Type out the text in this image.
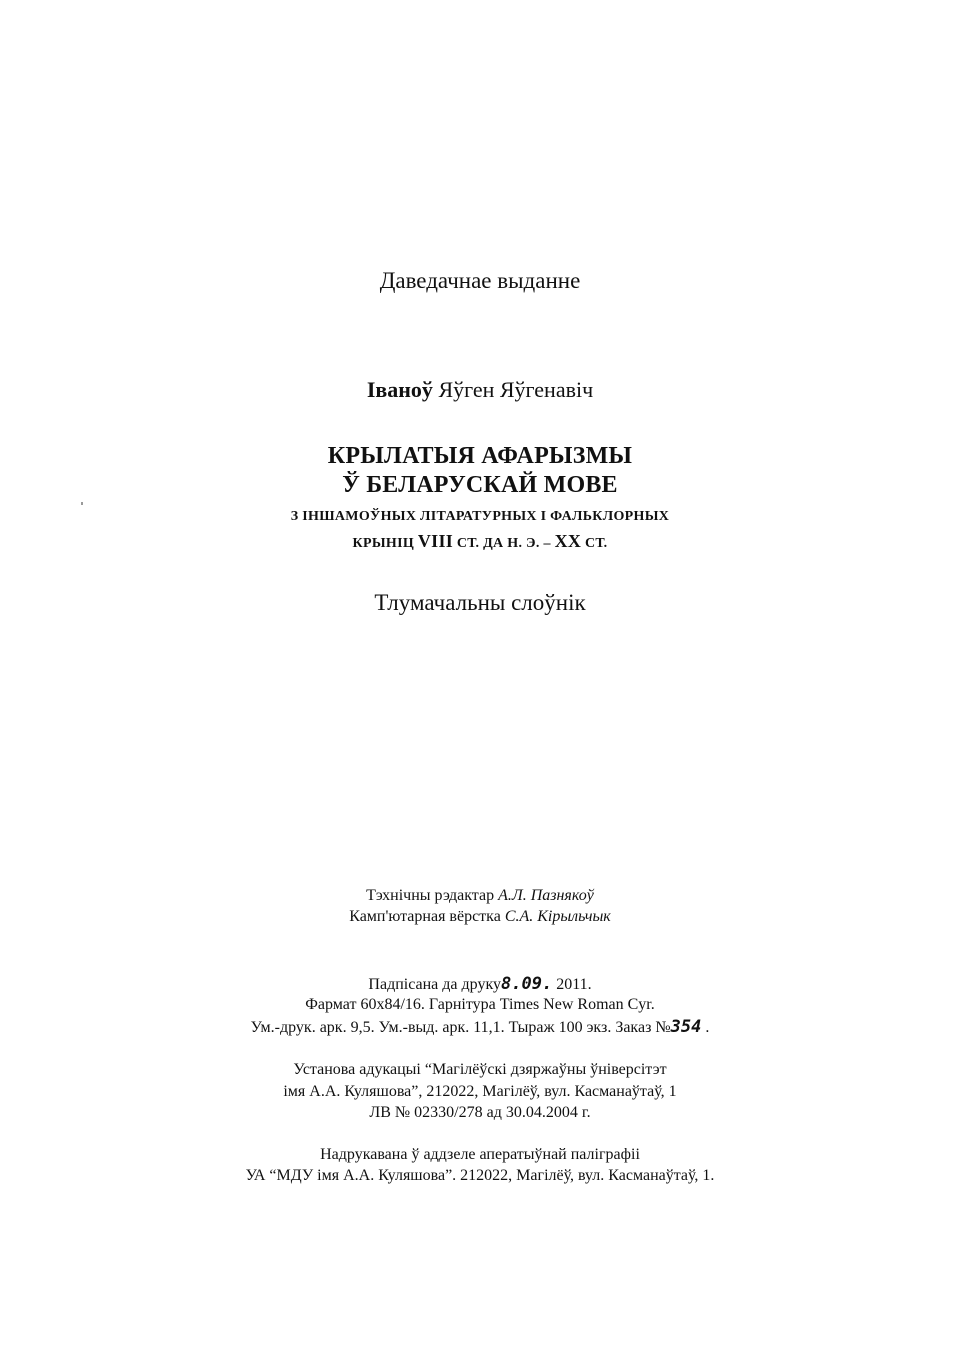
Даведачнае выданне
Іваноў Яўген Яўгенавіч
КРЫЛАТЫЯ АФАРЫЗМЫ
Ў БЕЛАРУСКАЙ МОВЕ
З ІНШАМОЎНЫХ ЛІТАРАТУРНЫХ І ФАЛЬКЛОРНЫХ
КРЫНІЦ VIII СТ. ДА Н. Э. – XX СТ.
Тлумачальны слоўнік
Тэхнічны рэдактар А.Л. Пазнякоў
Камп'ютарная вёрстка С.А. Кірыльчык
Падпісана да друку8.09. 2011.
Фармат 60x84/16. Гарнітура Times New Roman Cyr.
Ум.-друк. арк. 9,5. Ум.-выд. арк. 11,1. Тыраж 100 экз. Заказ №354 .
Установа адукацыі “Магілёўскі дзяржаўны ўніверсітэт
імя А.А. Куляшова”, 212022, Магілёў, вул. Касманаўтаў, 1
ЛВ № 02330/278 ад 30.04.2004 г.
Надрукавана ў аддзеле аператыўнай паліграфіі
УА “МДУ імя А.А. Куляшова”. 212022, Магілёў, вул. Касманаўтаў, 1.
